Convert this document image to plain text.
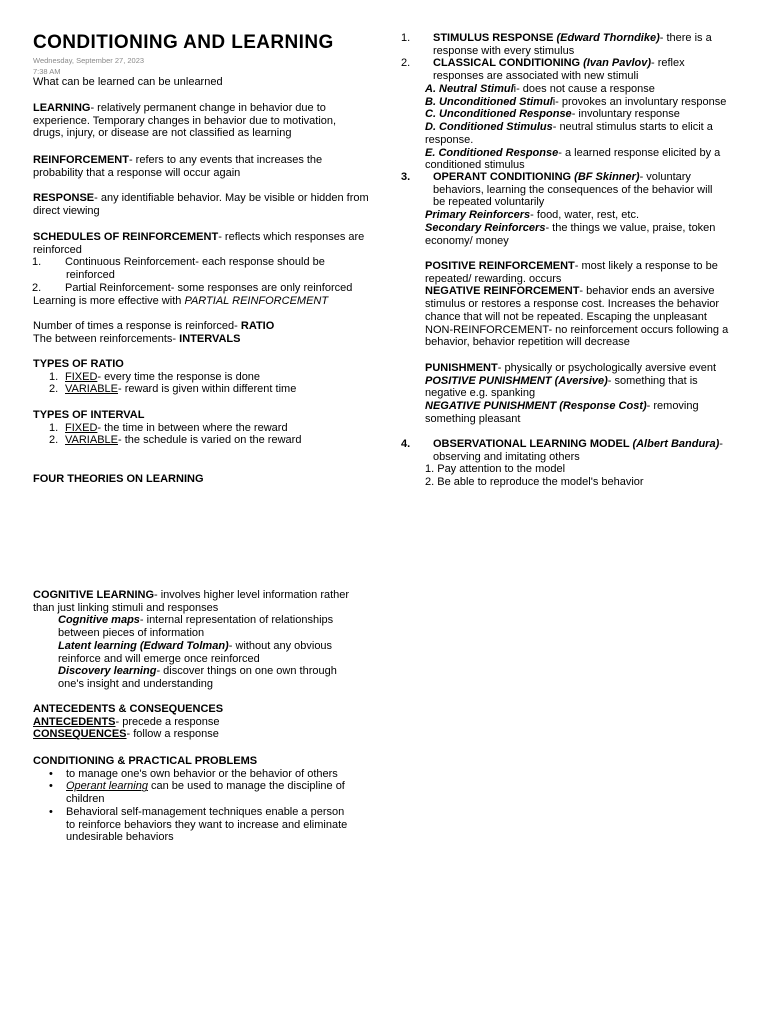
CONDITIONING AND LEARNING
Wednesday, September 27, 2023
7:38 AM

What can be learned can be unlearned

LEARNING- relatively permanent change in behavior due to experience. Temporary changes in behavior due to motivation, drugs, injury, or disease are not classified as learning

REINFORCEMENT- refers to any events that increases the probability that a response will occur again

RESPONSE- any identifiable behavior. May be visible or hidden from direct viewing

SCHEDULES OF REINFORCEMENT- reflects which responses are reinforced

1. Continuous Reinforcement- each response should be reinforced

2. Partial Reinforcement- some responses are only reinforced

Learning is more effective with PARTIAL REINFORCEMENT

Number of times a response is reinforced- RATIO

The between reinforcements- INTERVALS

TYPES OF RATIO

1. FIXED- every time the response is done

2. VARIABLE- reward is given within different time

TYPES OF INTERVAL

1. FIXED- the time in between where the reward

2. VARIABLE- the schedule is varied on the reward

FOUR THEORIES ON LEARNING

COGNITIVE LEARNING- involves higher level information rather than just linking stimuli and responses

Cognitive maps- internal representation of relationships between pieces of information

Latent learning (Edward Tolman)- without any obvious reinforce and will emerge once reinforced

Discovery learning- discover things on one own through one's insight and understanding

ANTECEDENTS & CONSEQUENCES

ANTECEDENTS- precede a response

CONSEQUENCES- follow a response

CONDITIONING & PRACTICAL PROBLEMS

• to manage one's own behavior or the behavior of others

• Operant learning can be used to manage the discipline of children

• Behavioral self-management techniques enable a person to reinforce behaviors they want to increase and eliminate undesirable behaviors

1. STIMULUS RESPONSE (Edward Thorndike)- there is a response with every stimulus

2. CLASSICAL CONDITIONING (Ivan Pavlov)- reflex responses are associated with new stimuli

A. Neutral Stimuli- does not cause a response

B. Unconditioned Stimuli- provokes an involuntary response

C. Unconditioned Response- involuntary response

D. Conditioned Stimulus- neutral stimulus starts to elicit a response.

E. Conditioned Response- a learned response elicited by a conditioned stimulus

3. OPERANT CONDITIONING (BF Skinner)- voluntary behaviors, learning the consequences of the behavior will be repeated voluntarily

Primary Reinforcers- food, water, rest, etc.

Secondary Reinforcers- the things we value, praise, token economy/ money

POSITIVE REINFORCEMENT- most likely a response to be repeated/ rewarding. occurs

NEGATIVE REINFORCEMENT- behavior ends an aversive stimulus or restores a response cost. Increases the behavior chance that will not be repeated. Escaping the unpleasant

NON-REINFORCEMENT- no reinforcement occurs following a behavior, behavior repetition will decrease

PUNISHMENT- physically or psychologically aversive event

POSITIVE PUNISHMENT (Aversive)- something that is negative e.g. spanking

NEGATIVE PUNISHMENT (Response Cost)- removing something pleasant

4. OBSERVATIONAL LEARNING MODEL (Albert Bandura)- observing and imitating others

1. Pay attention to the model

2. Be able to reproduce the model's behavior
